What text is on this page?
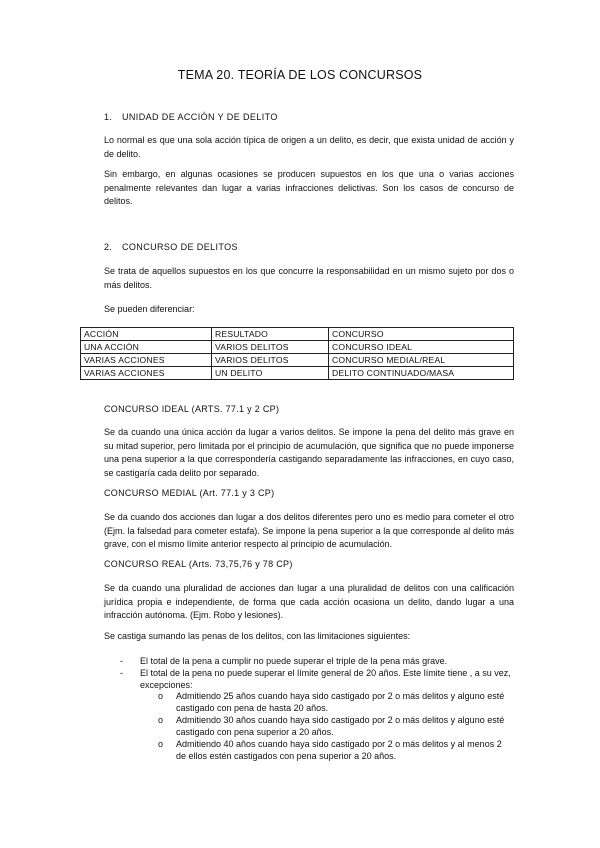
TEMA 20. TEORÍA DE LOS CONCURSOS
1. UNIDAD DE ACCIÓN Y DE DELITO
Lo normal es que una sola acción típica de origen a un delito, es decir, que exista unidad de acción y de delito.
Sin embargo, en algunas ocasiones se producen supuestos en los que una o varias acciones penalmente relevantes dan lugar a varias infracciones delictivas. Son los casos de concurso de delitos.
2. CONCURSO DE DELITOS
Se trata de aquellos supuestos en los que concurre la responsabilidad en un mismo sujeto por dos o más delitos.
Se pueden diferenciar:
ACCIÓN	RESULTADO	CONCURSO
UNA ACCIÓN	VARIOS DELITOS	CONCURSO IDEAL
VARIAS ACCIONES	VARIOS DELITOS	CONCURSO MEDIAL/REAL
VARIAS ACCIONES	UN DELITO	DELITO CONTINUADO/MASA
CONCURSO IDEAL (ARTS. 77.1 y 2 CP)
Se da cuando una única acción da lugar a varios delitos. Se impone la pena del delito más grave en su mitad superior, pero limitada por el principio de acumulación, que significa que no puede imponerse una pena superior a la que correspondería castigando separadamente las infracciones, en cuyo caso, se castigaría cada delito por separado.
CONCURSO MEDIAL (Art. 77.1 y 3 CP)
Se da cuando dos acciones dan lugar a dos delitos diferentes pero uno es medio para cometer el otro (Ejm. la falsedad para cometer estafa). Se impone la pena superior a la que corresponde al delito más grave, con el mismo límite anterior respecto al principio de acumulación.
CONCURSO REAL (Arts. 73,75,76 y 78 CP)
Se da cuando una pluralidad de acciones dan lugar a una pluralidad de delitos con una calificación jurídica propia e independiente, de forma que cada acción ocasiona un delito, dando lugar a una infracción autónoma. (Ejm. Robo y lesiones).
Se castiga sumando las penas de los delitos, con las limitaciones siguientes:
- El total de la pena a cumplir no puede superar el triple de la pena más grave.
- El total de la pena no puede superar el límite general de 20 años. Este límite tiene , a su vez,
excepciones:
o Admitiendo 25 años cuando haya sido castigado por 2 o más delitos y alguno esté
castigado con pena de hasta 20 años.
o Admitiendo 30 años cuando haya sido castigado por 2 o más delitos y alguno esté
castigado con pena superior a 20 años.
o Admitiendo 40 años cuando haya sido castigado por 2 o más delitos y al menos 2
de ellos estén castigados con pena superior a 20 años.
